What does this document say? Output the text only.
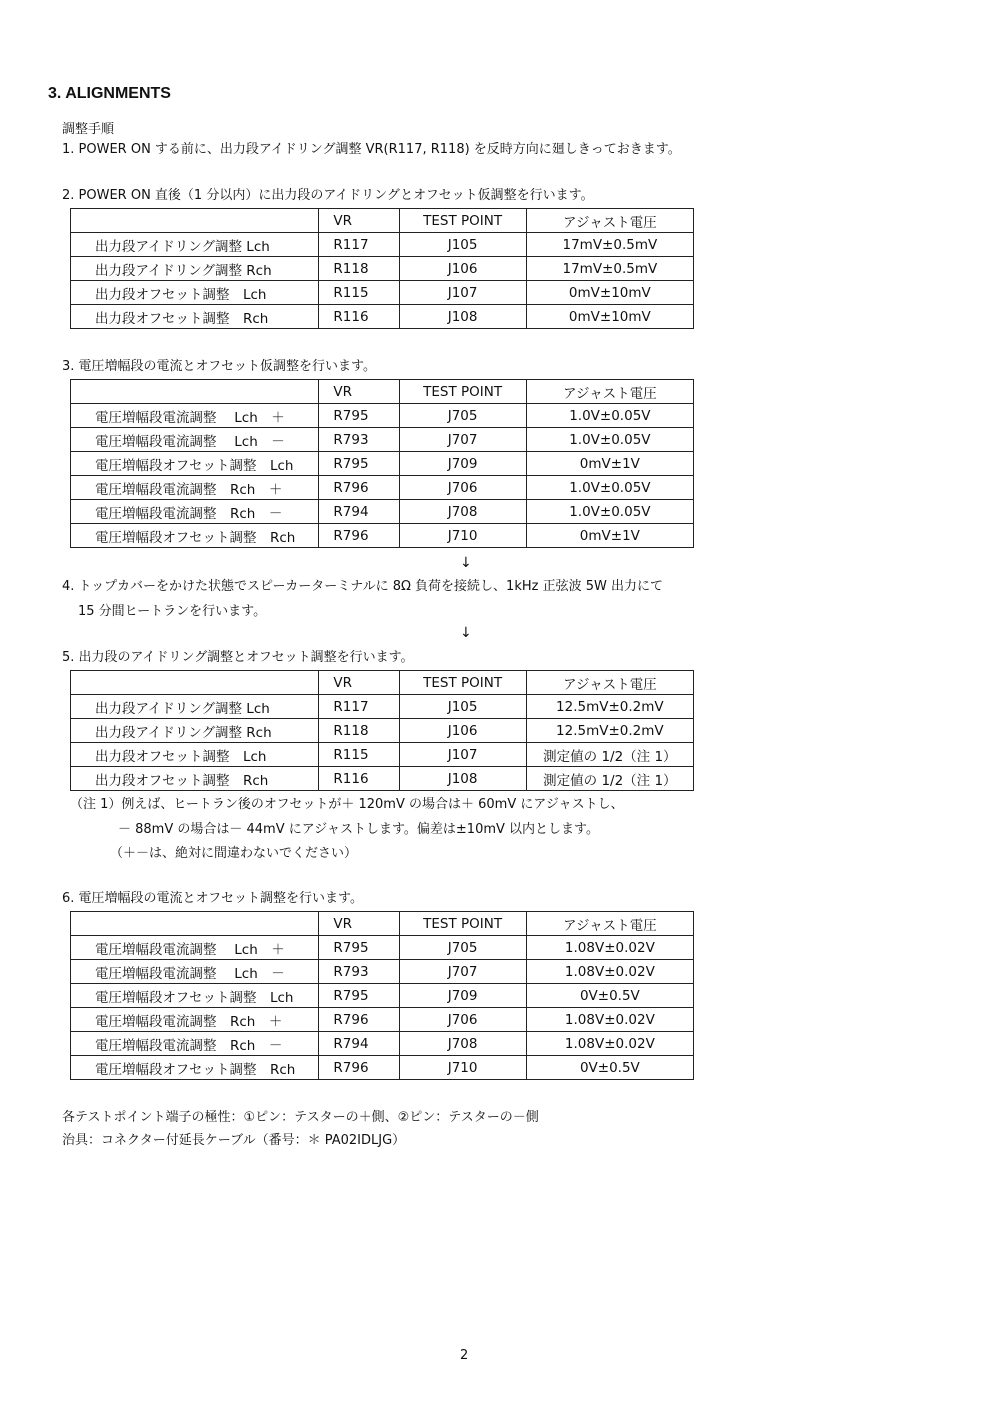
3. ALIGNMENTS
調整手順
1. POWER ON する前に、出力段アイドリング調整 VR(R117, R118) を反時方向に廻しきっておきます。
2. POWER ON 直後（1 分以内）に出力段のアイドリングとオフセット仮調整を行います。
	VR	TEST POINT	アジャスト電圧
出力段アイドリング調整 Lch	R117	J105	17mV±0.5mV
出力段アイドリング調整 Rch	R118	J106	17mV±0.5mV
出力段オフセット調整　Lch	R115	J107	0mV±10mV
出力段オフセット調整　Rch	R116	J108	0mV±10mV
3. 電圧増幅段の電流とオフセット仮調整を行います。
	VR	TEST POINT	アジャスト電圧
電圧増幅段電流調整　 Lch　＋	R795	J705	1.0V±0.05V
電圧増幅段電流調整　 Lch　－	R793	J707	1.0V±0.05V
電圧増幅段オフセット調整　Lch	R795	J709	0mV±1V
電圧増幅段電流調整　Rch　＋	R796	J706	1.0V±0.05V
電圧増幅段電流調整　Rch　－	R794	J708	1.0V±0.05V
電圧増幅段オフセット調整　Rch	R796	J710	0mV±1V
↓
4. トップカバーをかけた状態でスピーカーターミナルに 8Ω 負荷を接続し、1kHz 正弦波 5W 出力にて
15 分間ヒートランを行います。
↓
5. 出力段のアイドリング調整とオフセット調整を行います。
	VR	TEST POINT	アジャスト電圧
出力段アイドリング調整 Lch	R117	J105	12.5mV±0.2mV
出力段アイドリング調整 Rch	R118	J106	12.5mV±0.2mV
出力段オフセット調整　Lch	R115	J107	測定値の 1/2（注 1）
出力段オフセット調整　Rch	R116	J108	測定値の 1/2（注 1）
（注 1）例えば、ヒートラン後のオフセットが＋ 120mV の場合は＋ 60mV にアジャストし、
－ 88mV の場合は－ 44mV にアジャストします。偏差は±10mV 以内とします。
（＋－は、絶対に間違わないでください）
6. 電圧増幅段の電流とオフセット調整を行います。
	VR	TEST POINT	アジャスト電圧
電圧増幅段電流調整　 Lch　＋	R795	J705	1.08V±0.02V
電圧増幅段電流調整　 Lch　－	R793	J707	1.08V±0.02V
電圧増幅段オフセット調整　Lch	R795	J709	0V±0.5V
電圧増幅段電流調整　Rch　＋	R796	J706	1.08V±0.02V
電圧増幅段電流調整　Rch　－	R794	J708	1.08V±0.02V
電圧増幅段オフセット調整　Rch	R796	J710	0V±0.5V
各テストポイント端子の極性：①ピン：テスターの＋側、②ピン：テスターの－側
治具：コネクター付延長ケーブル（番号：＊ PA02IDLJG）
2
